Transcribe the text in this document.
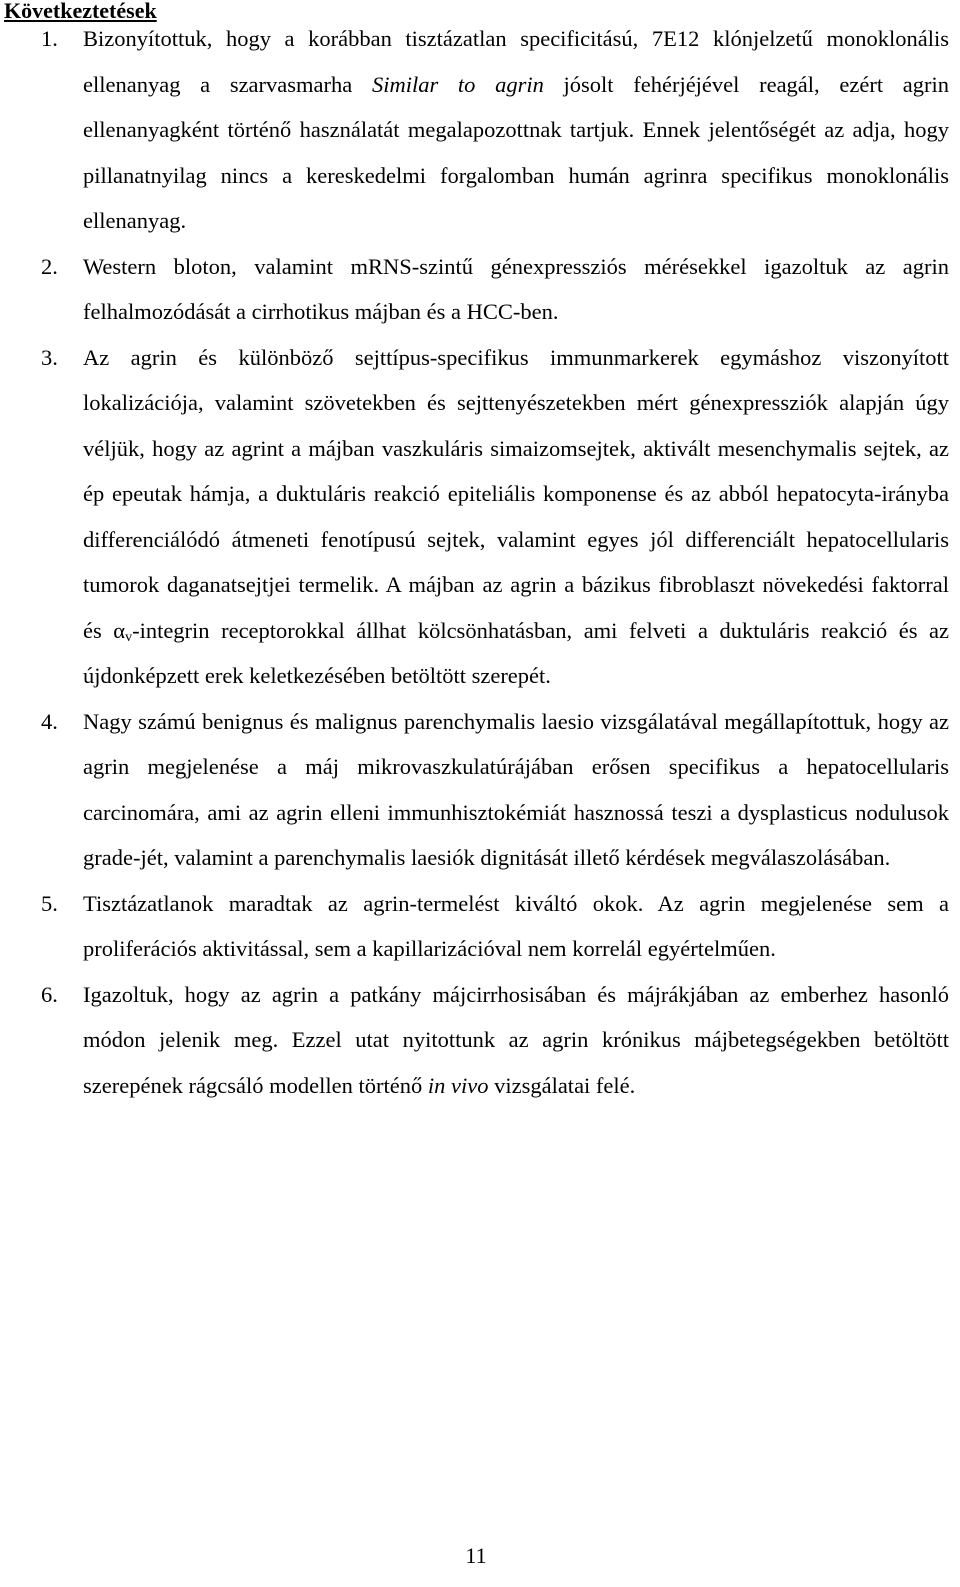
Következtetések
1. Bizonyítottuk, hogy a korábban tisztázatlan specificitású, 7E12 klónjelzetű monoklonális ellenanyag a szarvasmarha Similar to agrin jósolt fehérjéjével reagál, ezért agrin ellenanyagként történő használatát megalapozottnak tartjuk. Ennek jelentőségét az adja, hogy pillanatnyilag nincs a kereskedelmi forgalomban humán agrinra specifikus monoklonális ellenanyag.

2. Western bloton, valamint mRNS-szintű génexpressziós mérésekkel igazoltuk az agrin felhalmozódását a cirrhotikus májban és a HCC-ben.

3. Az agrin és különböző sejttípus-specifikus immunmarkerek egymáshoz viszonyított lokalizációja, valamint szövetekben és sejttenyészetekben mért génexpressziók alapján úgy véljük, hogy az agrint a májban vaszkuláris simaizomsejtek, aktivált mesenchymalis sejtek, az ép epeutak hámja, a duktuláris reakció epiteliális komponense és az abból hepatocyta-irányba differenciálódó átmeneti fenotípusú sejtek, valamint egyes jól differenciált hepatocellularis tumorok daganatsejtjei termelik. A májban az agrin a bázikus fibroblaszt növekedési faktorral és $\alpha_v$-integrin receptorokkal állhat kölcsönhatásban, ami felveti a duktuláris reakció és az újdonképzett erek keletkezésében betöltött szerepét.

4. Nagy számú benignus és malignus parenchymalis laesio vizsgálatával megállapítottuk, hogy az agrin megjelenése a máj mikrovaszkulatúrájában erősen specifikus a hepatocellularis carcinomára, ami az agrin elleni immunhisztokémiát hasznossá teszi a dysplasticus nodulusok grade-jét, valamint a parenchymalis laesiók dignitását illető kérdések megválaszolásában.

5. Tisztázatlanok maradtak az agrin-termelést kiváltó okok. Az agrin megjelenése sem a proliferációs aktivitással, sem a kapillarizációval nem korrelál egyértelműen.

6. Igazoltuk, hogy az agrin a patkány májcirrhosisában és májrákjában az emberhez hasonló módon jelenik meg. Ezzel utat nyitottunk az agrin krónikus májbetegségekben betöltött szerepének rágcsáló modellen történő in vivo vizsgálatai felé.

11
